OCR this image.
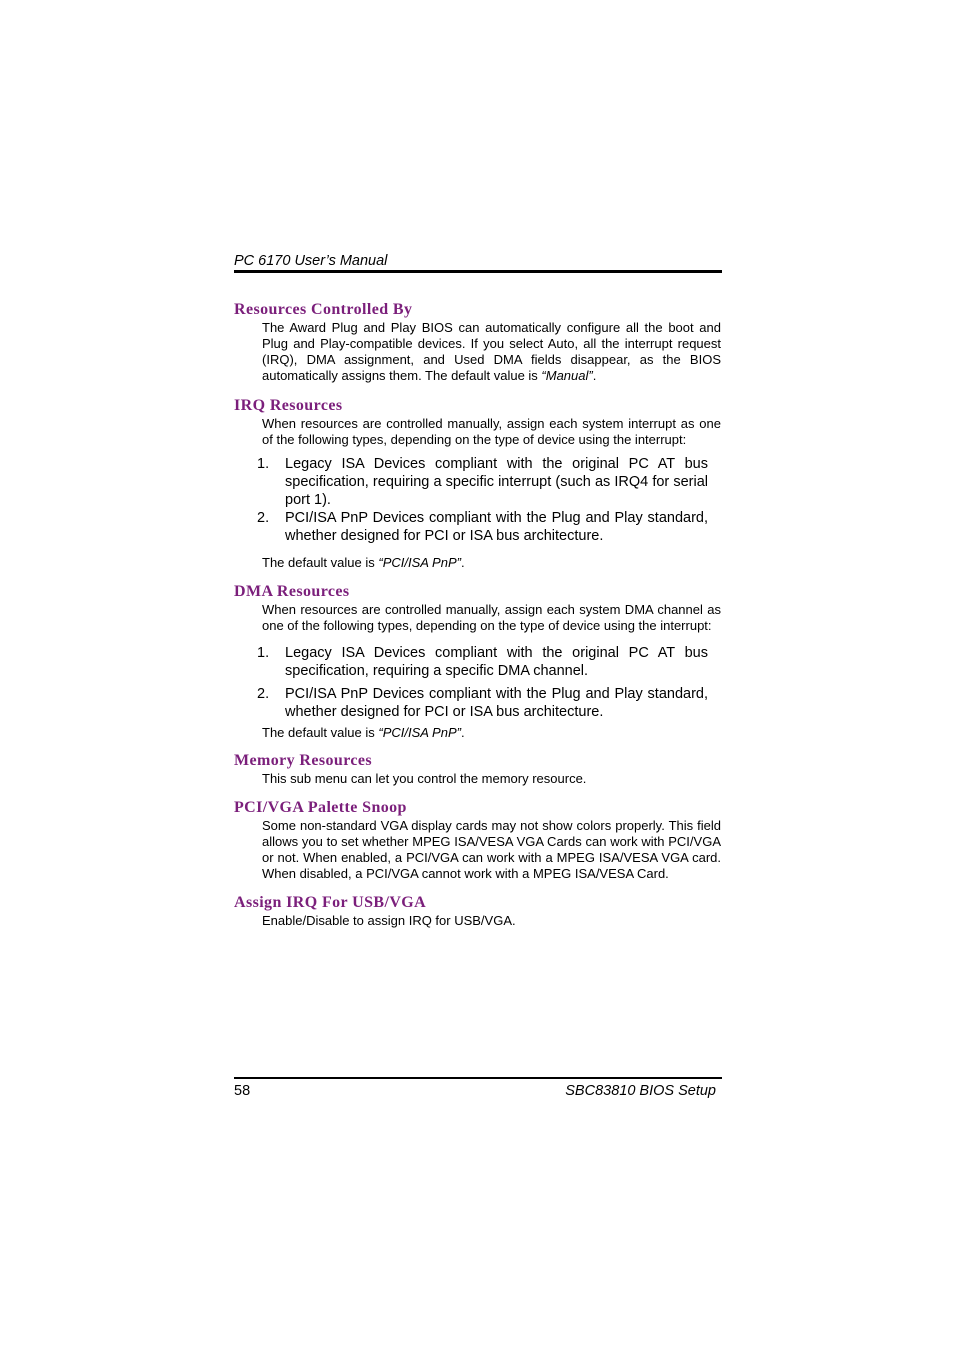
PC 6170 User’s Manual
Resources Controlled By

The Award Plug and Play BIOS can automatically configure all the boot and Plug and Play-compatible devices. If you select Auto, all the interrupt request (IRQ), DMA assignment, and Used DMA fields disappear, as the BIOS automatically assigns them. The default value is “Manual”.

IRQ Resources

When resources are controlled manually, assign each system interrupt as one of the following types, depending on the type of device using the interrupt:

1. Legacy ISA Devices compliant with the original PC AT bus specification, requiring a specific interrupt (such as IRQ4 for serial port 1).
2. PCI/ISA PnP Devices compliant with the Plug and Play standard, whether designed for PCI or ISA bus architecture.

The default value is “PCI/ISA PnP”.

DMA Resources

When resources are controlled manually, assign each system DMA channel as one of the following types, depending on the type of device using the interrupt:

1. Legacy ISA Devices compliant with the original PC AT bus specification, requiring a specific DMA channel.
2. PCI/ISA PnP Devices compliant with the Plug and Play standard, whether designed for PCI or ISA bus architecture.

The default value is “PCI/ISA PnP”.

Memory Resources

This sub menu can let you control the memory resource.

PCI/VGA Palette Snoop

Some non-standard VGA display cards may not show colors properly. This field allows you to set whether MPEG ISA/VESA VGA Cards can work with PCI/VGA or not. When enabled, a PCI/VGA can work with a MPEG ISA/VESA VGA card. When disabled, a PCI/VGA cannot work with a MPEG ISA/VESA Card.

Assign IRQ For USB/VGA

Enable/Disable to assign IRQ for USB/VGA.

58	SBC83810 BIOS Setup
